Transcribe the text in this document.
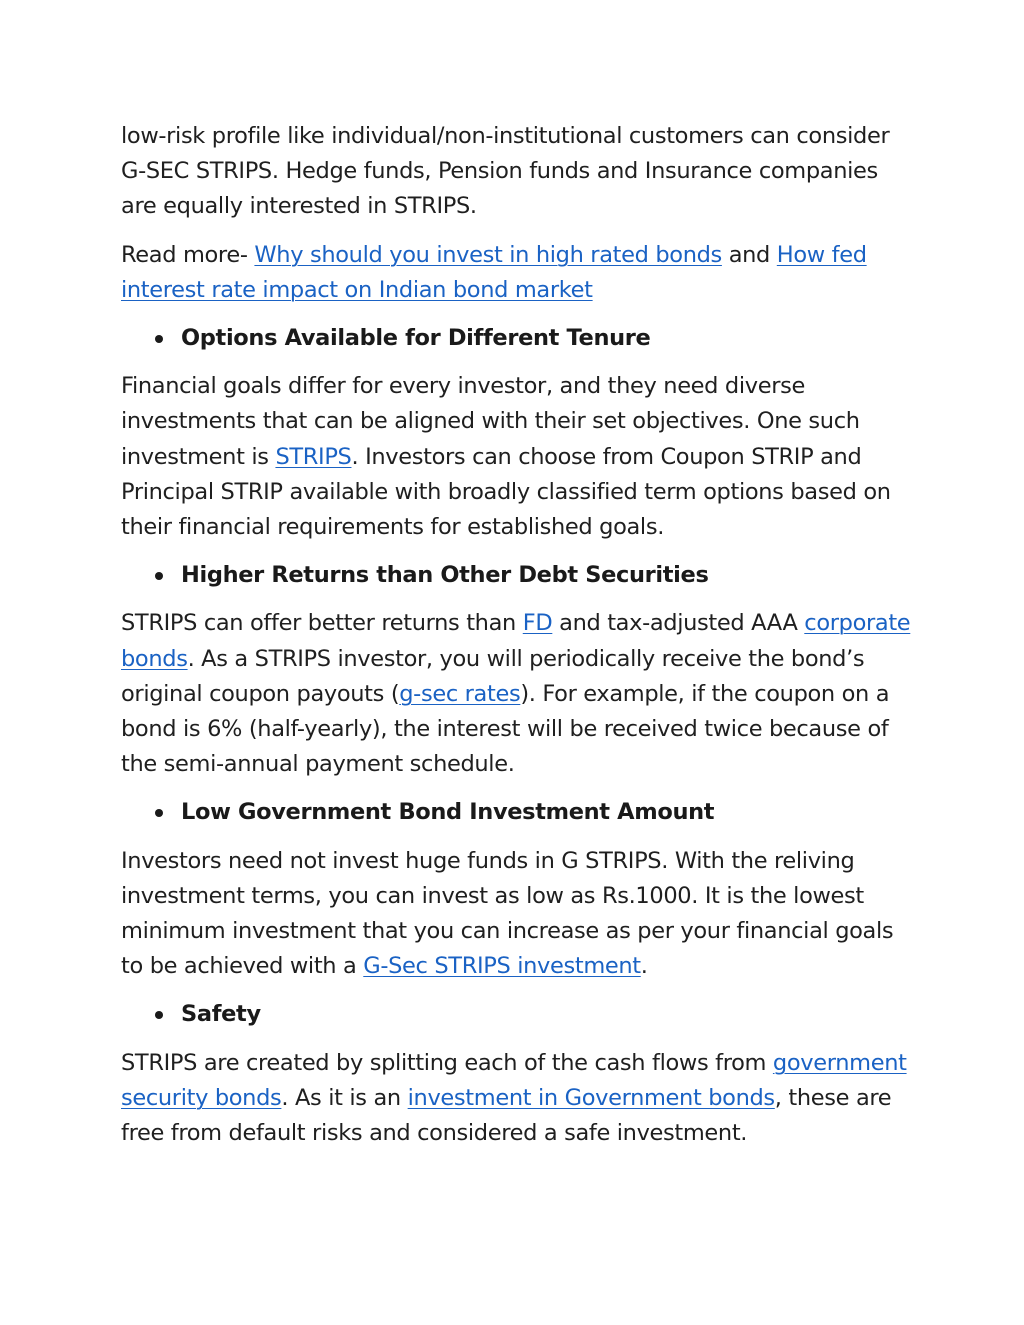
low-risk profile like individual/non-institutional customers can consider G-SEC STRIPS. Hedge funds, Pension funds and Insurance companies are equally interested in STRIPS.

Read more- Why should you invest in high rated bonds and How fed interest rate impact on Indian bond market

Options Available for Different Tenure

Financial goals differ for every investor, and they need diverse investments that can be aligned with their set objectives. One such investment is STRIPS. Investors can choose from Coupon STRIP and Principal STRIP available with broadly classified term options based on their financial requirements for established goals.

Higher Returns than Other Debt Securities

STRIPS can offer better returns than FD and tax-adjusted AAA corporate bonds. As a STRIPS investor, you will periodically receive the bond’s original coupon payouts (g-sec rates). For example, if the coupon on a bond is 6% (half-yearly), the interest will be received twice because of the semi-annual payment schedule.

Low Government Bond Investment Amount

Investors need not invest huge funds in G STRIPS. With the reliving investment terms, you can invest as low as Rs.1000. It is the lowest minimum investment that you can increase as per your financial goals to be achieved with a G-Sec STRIPS investment.

Safety

STRIPS are created by splitting each of the cash flows from government security bonds. As it is an investment in Government bonds, these are free from default risks and considered a safe investment.
